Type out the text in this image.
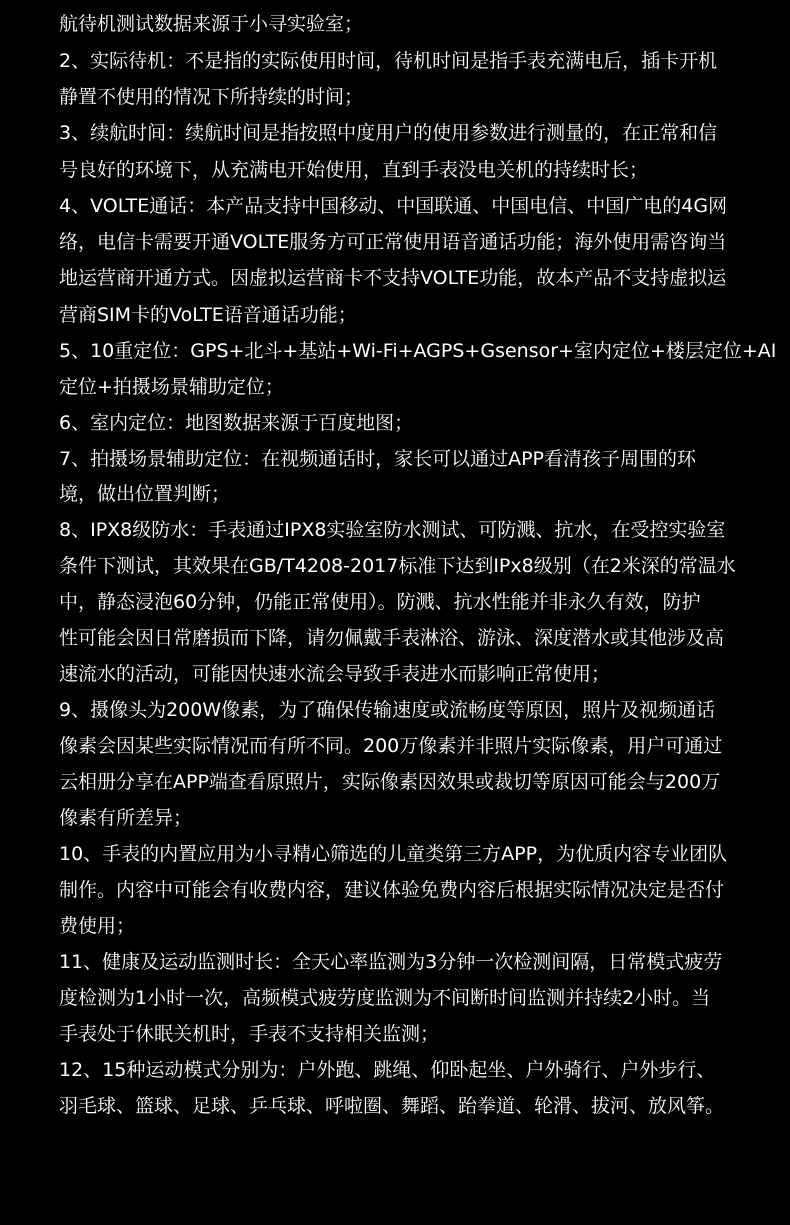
航待机测试数据来源于小寻实验室；
2、实际待机：不是指的实际使用时间，待机时间是指手表充满电后，插卡开机
静置不使用的情况下所持续的时间；
3、续航时间：续航时间是指按照中度用户的使用参数进行测量的，在正常和信
号良好的环境下，从充满电开始使用，直到手表没电关机的持续时长；
4、VOLTE通话：本产品支持中国移动、中国联通、中国电信、中国广电的4G网
络，电信卡需要开通VOLTE服务方可正常使用语音通话功能；海外使用需咨询当
地运营商开通方式。因虚拟运营商卡不支持VOLTE功能，故本产品不支持虚拟运
营商SIM卡的VoLTE语音通话功能；
5、10重定位：GPS+北斗+基站+Wi-Fi+AGPS+Gsensor+室内定位+楼层定位+AI
定位+拍摄场景辅助定位；
6、室内定位：地图数据来源于百度地图；
7、拍摄场景辅助定位：在视频通话时，家长可以通过APP看清孩子周围的环
境，做出位置判断；
8、IPX8级防水：手表通过IPX8实验室防水测试、可防溅、抗水，在受控实验室
条件下测试，其效果在GB/T4208-2017标准下达到IPx8级别（在2米深的常温水
中，静态浸泡60分钟，仍能正常使用）。防溅、抗水性能并非永久有效，防护
性可能会因日常磨损而下降，请勿佩戴手表淋浴、游泳、深度潜水或其他涉及高
速流水的活动，可能因快速水流会导致手表进水而影响正常使用；
9、摄像头为200W像素，为了确保传输速度或流畅度等原因，照片及视频通话
像素会因某些实际情况而有所不同。200万像素并非照片实际像素，用户可通过
云相册分享在APP端查看原照片，实际像素因效果或裁切等原因可能会与200万
像素有所差异；
10、手表的内置应用为小寻精心筛选的儿童类第三方APP，为优质内容专业团队
制作。内容中可能会有收费内容，建议体验免费内容后根据实际情况决定是否付
费使用；
11、健康及运动监测时长：全天心率监测为3分钟一次检测间隔，日常模式疲劳
度检测为1小时一次，高频模式疲劳度监测为不间断时间监测并持续2小时。当
手表处于休眠关机时，手表不支持相关监测；
12、15种运动模式分别为：户外跑、跳绳、仰卧起坐、户外骑行、户外步行、
羽毛球、篮球、足球、乒乓球、呼啦圈、舞蹈、跆拳道、轮滑、拔河、放风筝。
